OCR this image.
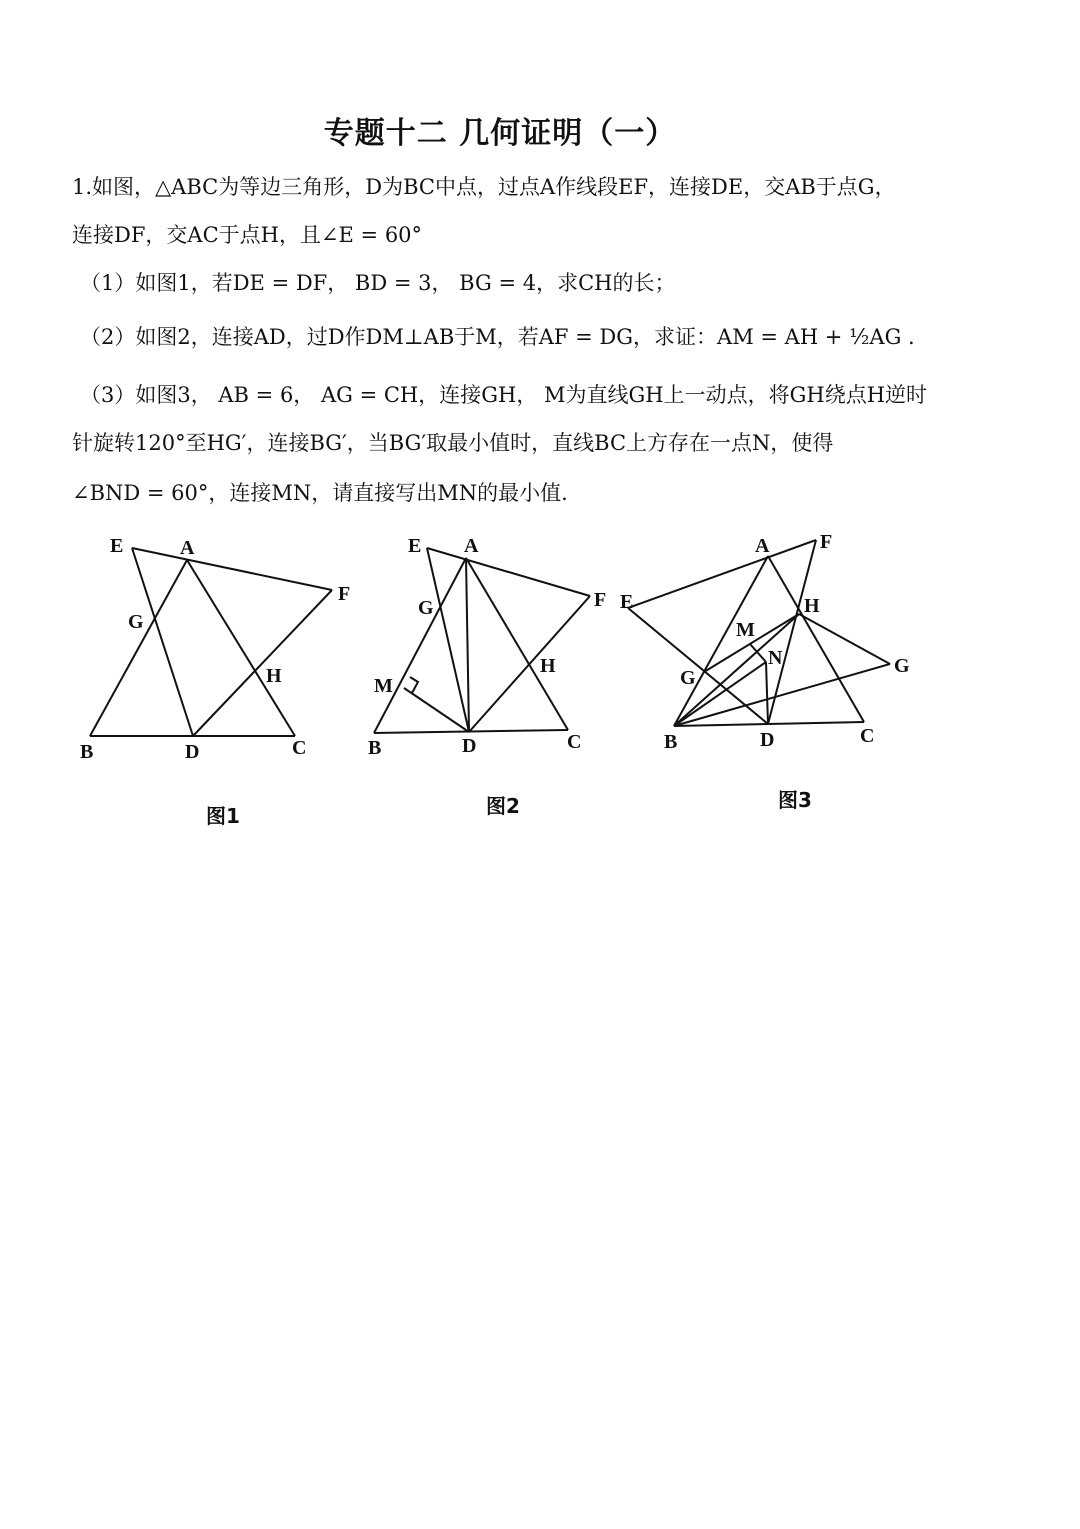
专题十二 几何证明（一）
1.如图，△ABC为等边三角形，D为BC中点，过点A作线段EF，连接DE，交AB于点G，
连接DF，交AC于点H，且∠E = 60°
（1）如图1，若DE = DF， BD = 3， BG = 4，求CH的长；
（2）如图2，连接AD，过D作DM⊥AB于M，若AF = DG，求证：AM = AH + ½AG .
（3）如图3， AB = 6， AG = CH，连接GH， M为直线GH上一动点，将GH绕点H逆时
针旋转120°至HG′，连接BG′，当BG′取最小值时，直线BC上方存在一点N，使得
∠BND = 60°，连接MN，请直接写出MN的最小值.
E	A
F
G
H
B	D	C
图1
E A
F
G
M
H
B	D	C
图2
A	F
E	H
M
N
G
G
B	D	C
图3
